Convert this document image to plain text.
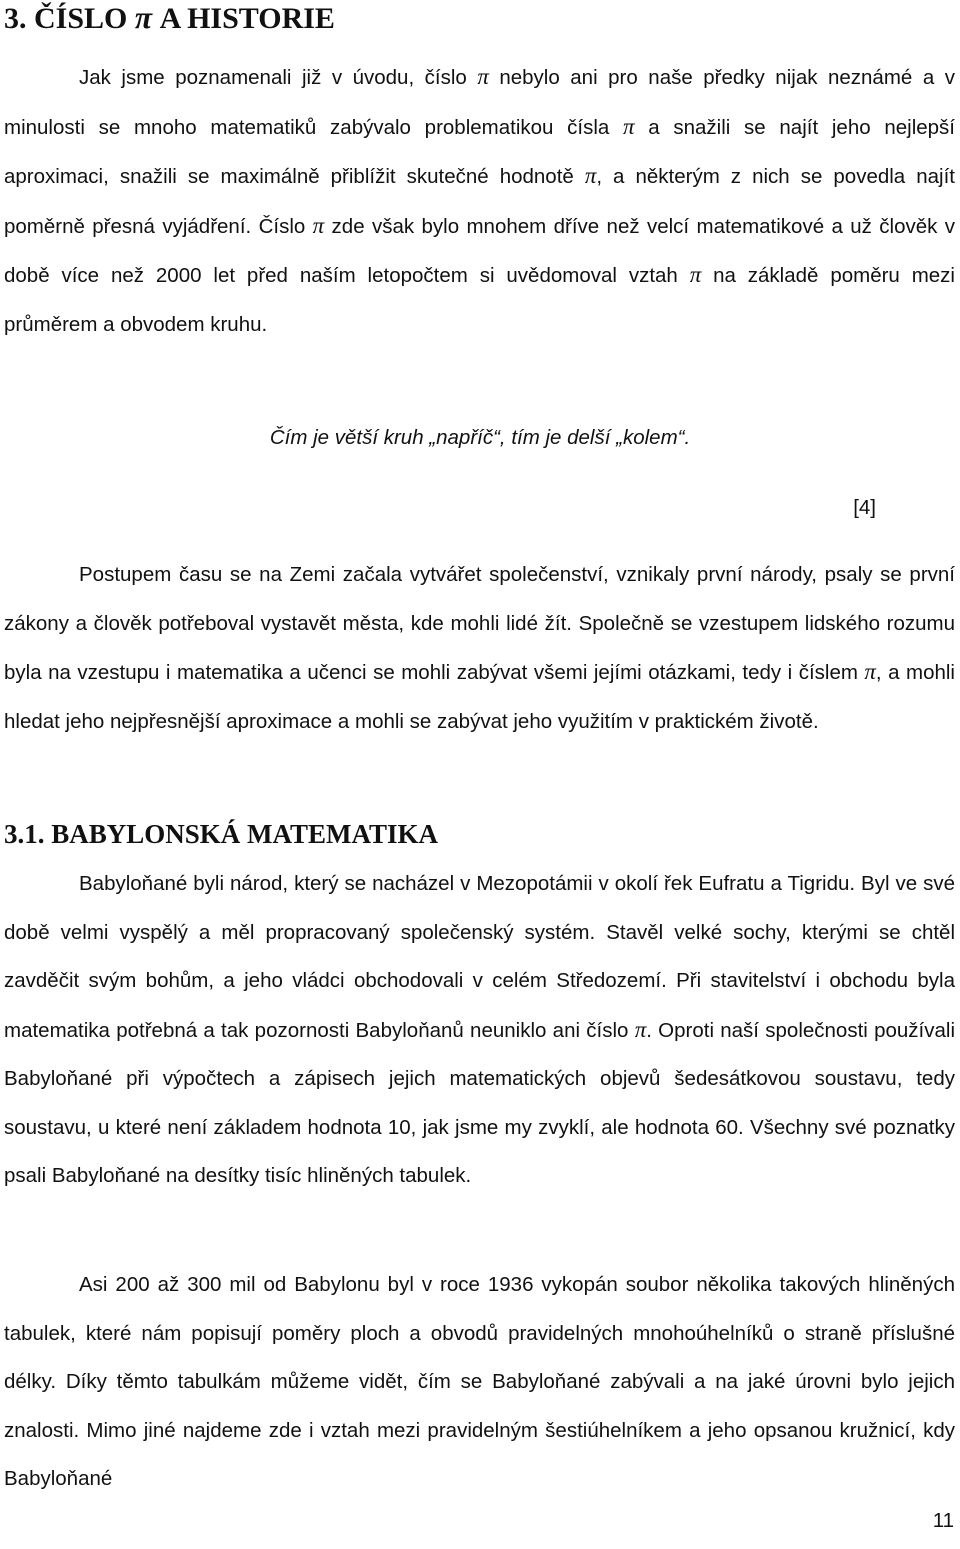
3. ČÍSLO π A HISTORIE

Jak jsme poznamenali již v úvodu, číslo π nebylo ani pro naše předky nijak neznámé a v minulosti se mnoho matematiků zabývalo problematikou čísla π a snažili se najít jeho nejlepší aproximaci, snažili se maximálně přiblížit skutečné hodnotě π, a některým z nich se povedla najít poměrně přesná vyjádření. Číslo π zde však bylo mnohem dříve než velcí matematikové a už člověk v době více než 2000 let před naším letopočtem si uvědomoval vztah π na základě poměru mezi průměrem a obvodem kruhu.

Čím je větší kruh „napříč“, tím je delší „kolem“.

[4]

Postupem času se na Zemi začala vytvářet společenství, vznikaly první národy, psaly se první zákony a člověk potřeboval vystavět města, kde mohli lidé žít. Společně se vzestupem lidského rozumu byla na vzestupu i matematika a učenci se mohli zabývat všemi jejími otázkami, tedy i číslem π, a mohli hledat jeho nejpřesnější aproximace a mohli se zabývat jeho využitím v praktickém životě.

3.1. BABYLONSKÁ MATEMATIKA

Babyloňané byli národ, který se nacházel v Mezopotámii v okolí řek Eufratu a Tigridu. Byl ve své době velmi vyspělý a měl propracovaný společenský systém. Stavěl velké sochy, kterými se chtěl zavděčit svým bohům, a jeho vládci obchodovali v celém Středozemí. Při stavitelství i obchodu byla matematika potřebná a tak pozornosti Babyloňanů neuniklo ani číslo π. Oproti naší společnosti používali Babyloňané při výpočtech a zápisech jejich matematických objevů šedesátkovou soustavu, tedy soustavu, u které není základem hodnota 10, jak jsme my zvyklí, ale hodnota 60. Všechny své poznatky psali Babyloňané na desítky tisíc hliněných tabulek.

Asi 200 až 300 mil od Babylonu byl v roce 1936 vykopán soubor několika takových hliněných tabulek, které nám popisují poměry ploch a obvodů pravidelných mnohoúhelníků o straně příslušné délky. Díky těmto tabulkám můžeme vidět, čím se Babyloňané zabývali a na jaké úrovni bylo jejich znalosti. Mimo jiné najdeme zde i vztah mezi pravidelným šestiúhelníkem a jeho opsanou kružnicí, kdy Babyloňané

11
